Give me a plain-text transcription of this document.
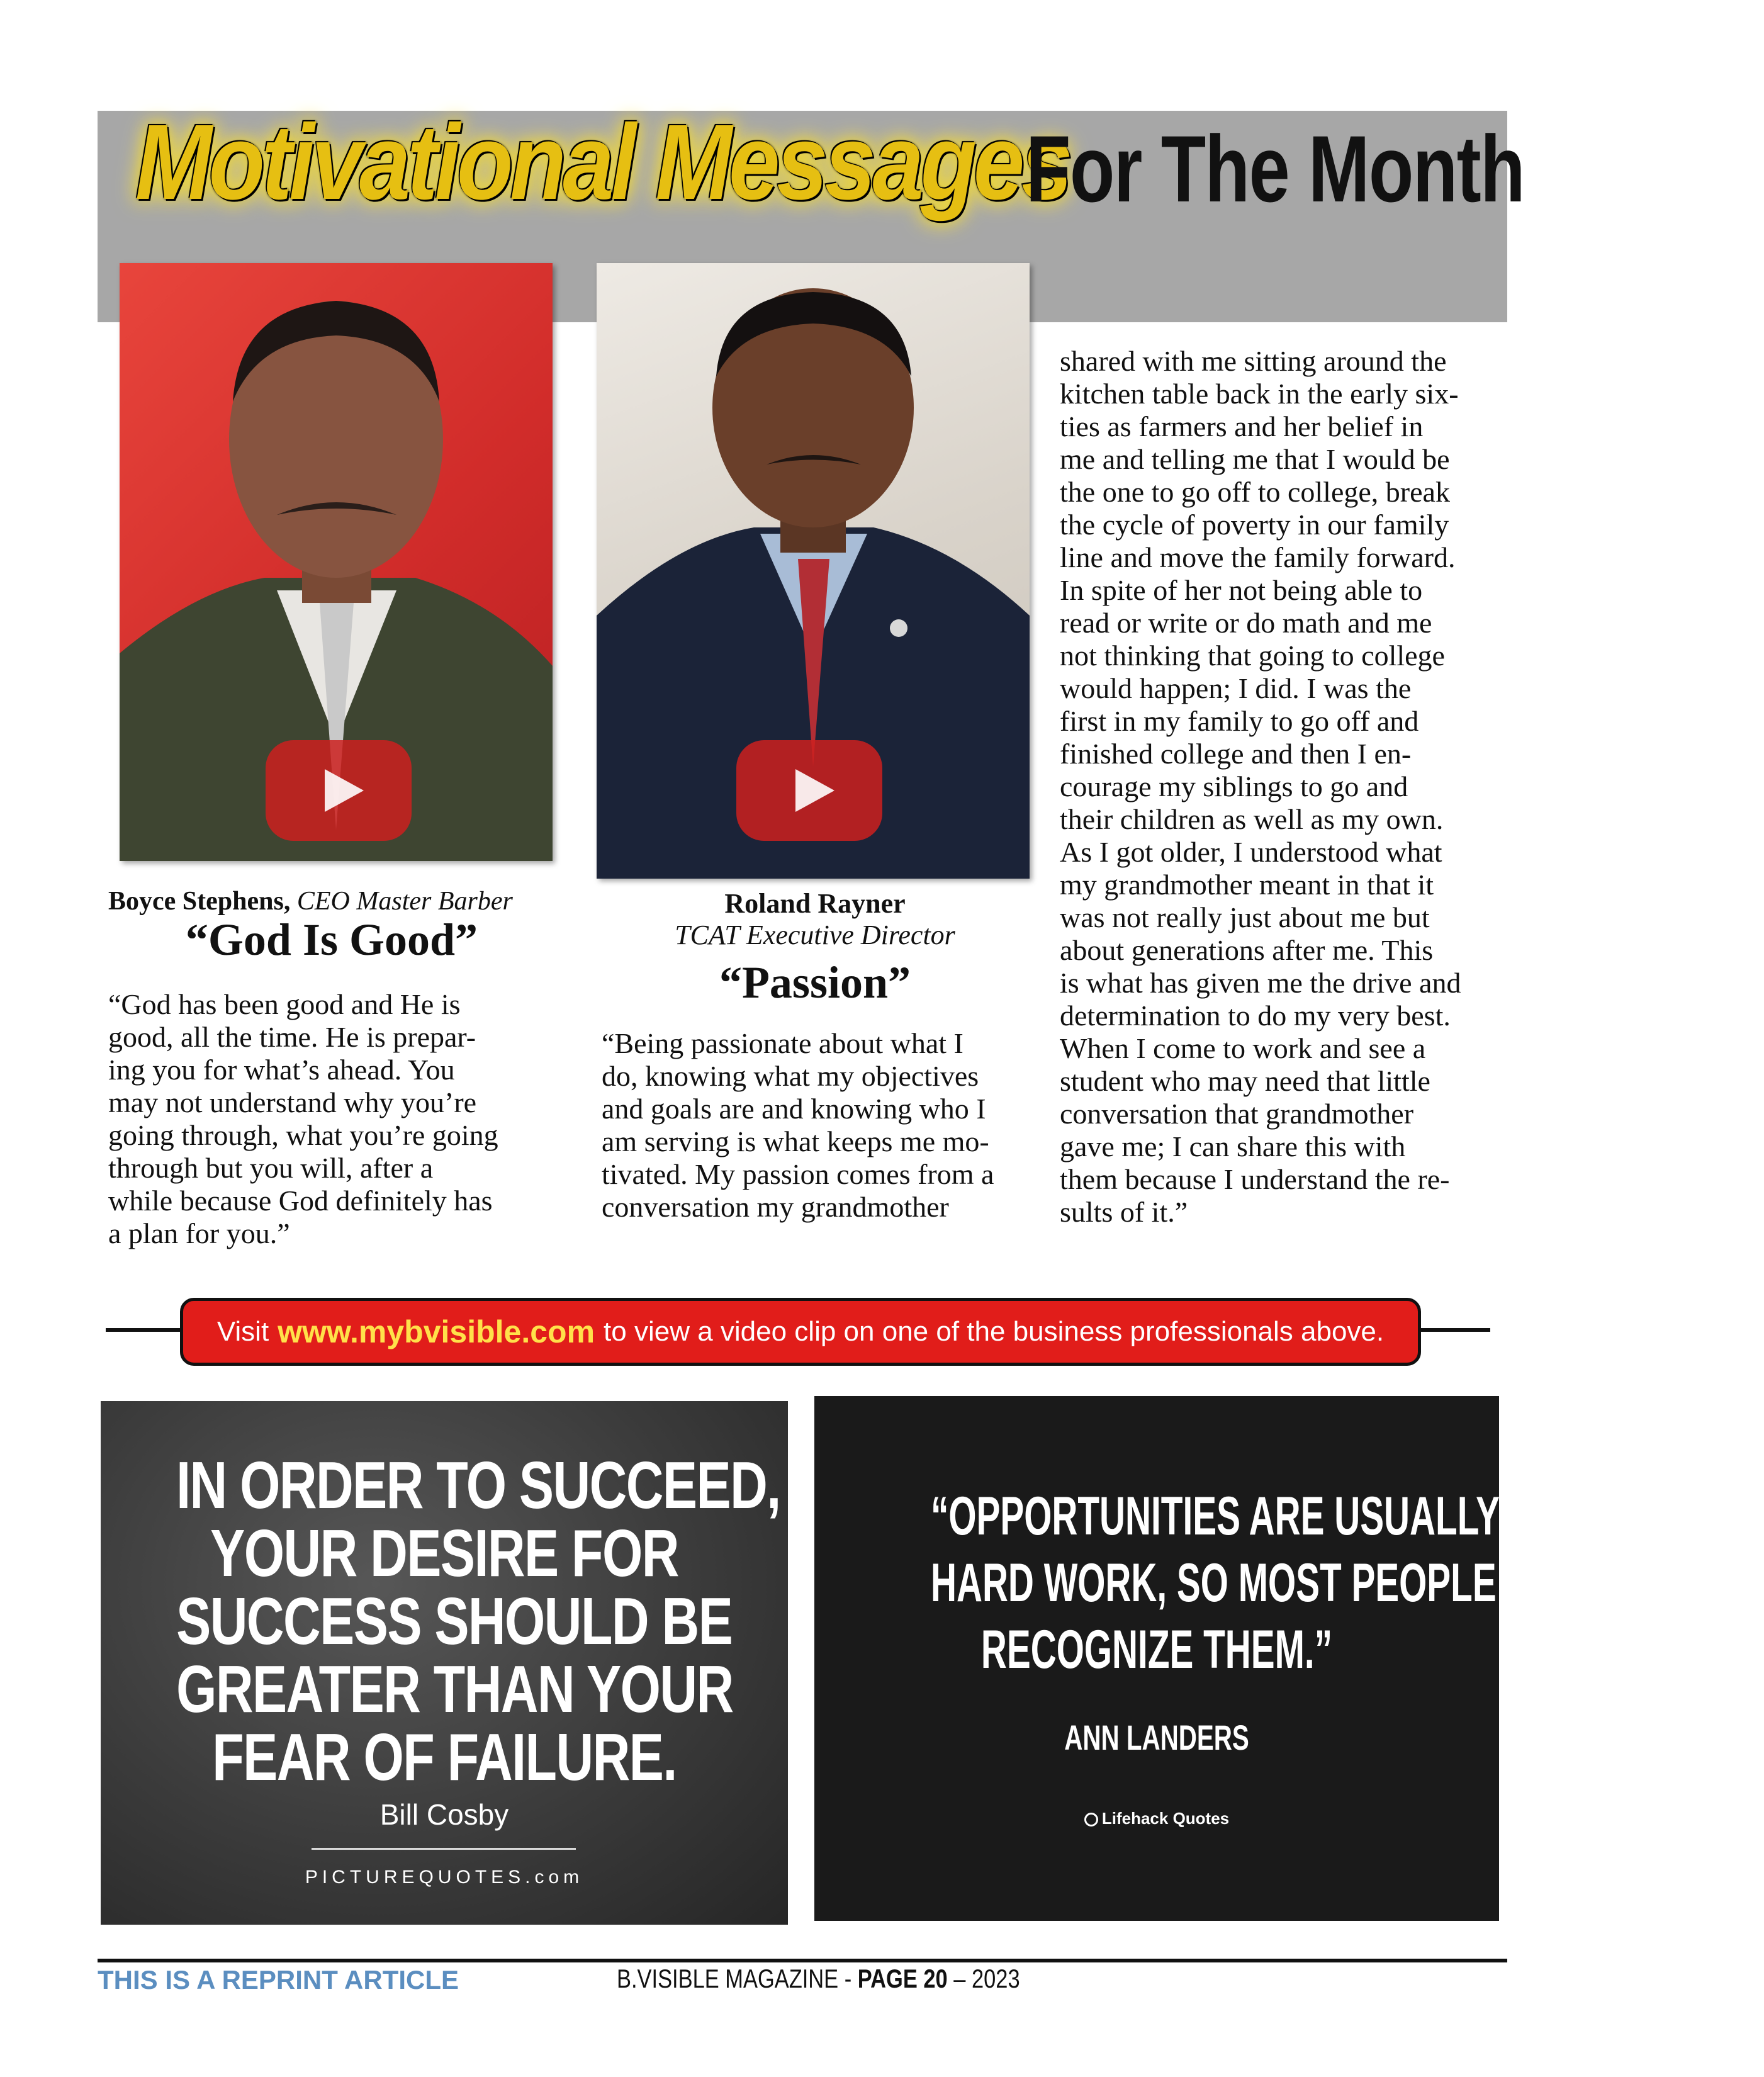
Motivational Messages
For The Month
Boyce Stephens, CEO Master Barber
“God Is Good”

“God has been good and He is

good, all the time. He is prepar-

ing you for what’s ahead. You

may not understand why you’re

going through, what you’re going

through but you will, after a

while because God definitely has

a plan for you.”

Roland Rayner
TCAT Executive Director
“Passion”

“Being passionate about what I

do, knowing what my objectives

and goals are and knowing who I

am serving is what keeps me mo-

tivated. My passion comes from a

conversation my grandmother

shared with me sitting around the

kitchen table back in the early six-

ties as farmers and her belief in

me and telling me that I would be

the one to go off to college, break

the cycle of poverty in our family

line and move the family forward.

In spite of her not being able to

read or write or do math and me

not thinking that going to college

would happen; I did. I was the

first in my family to go off and

finished college and then I en-

courage my siblings to go and

their children as well as my own.

As I got older, I understood what

my grandmother meant in that it

was not really just about me but

about generations after me. This

is what has given me the drive and

determination to do my very best.

When I come to work and see a

student who may need that little

conversation that grandmother

gave me; I can share this with

them because I understand the re-

sults of it.”

Visit www.mybvisible.com to view a video clip on one of the business professionals above.

IN ORDER TO SUCCEED,

YOUR DESIRE FOR

SUCCESS SHOULD BE

GREATER THAN YOUR

FEAR OF FAILURE.

Bill Cosby
PICTUREQUOTES.com

“OPPORTUNITIES ARE USUALLY DISGUISED AS

HARD WORK, SO MOST PEOPLE DON’T

RECOGNIZE THEM.”

ANN LANDERS
Lifehack Quotes
THIS IS A REPRINT ARTICLE	B.VISIBLE MAGAZINE - PAGE 20 – 2023
